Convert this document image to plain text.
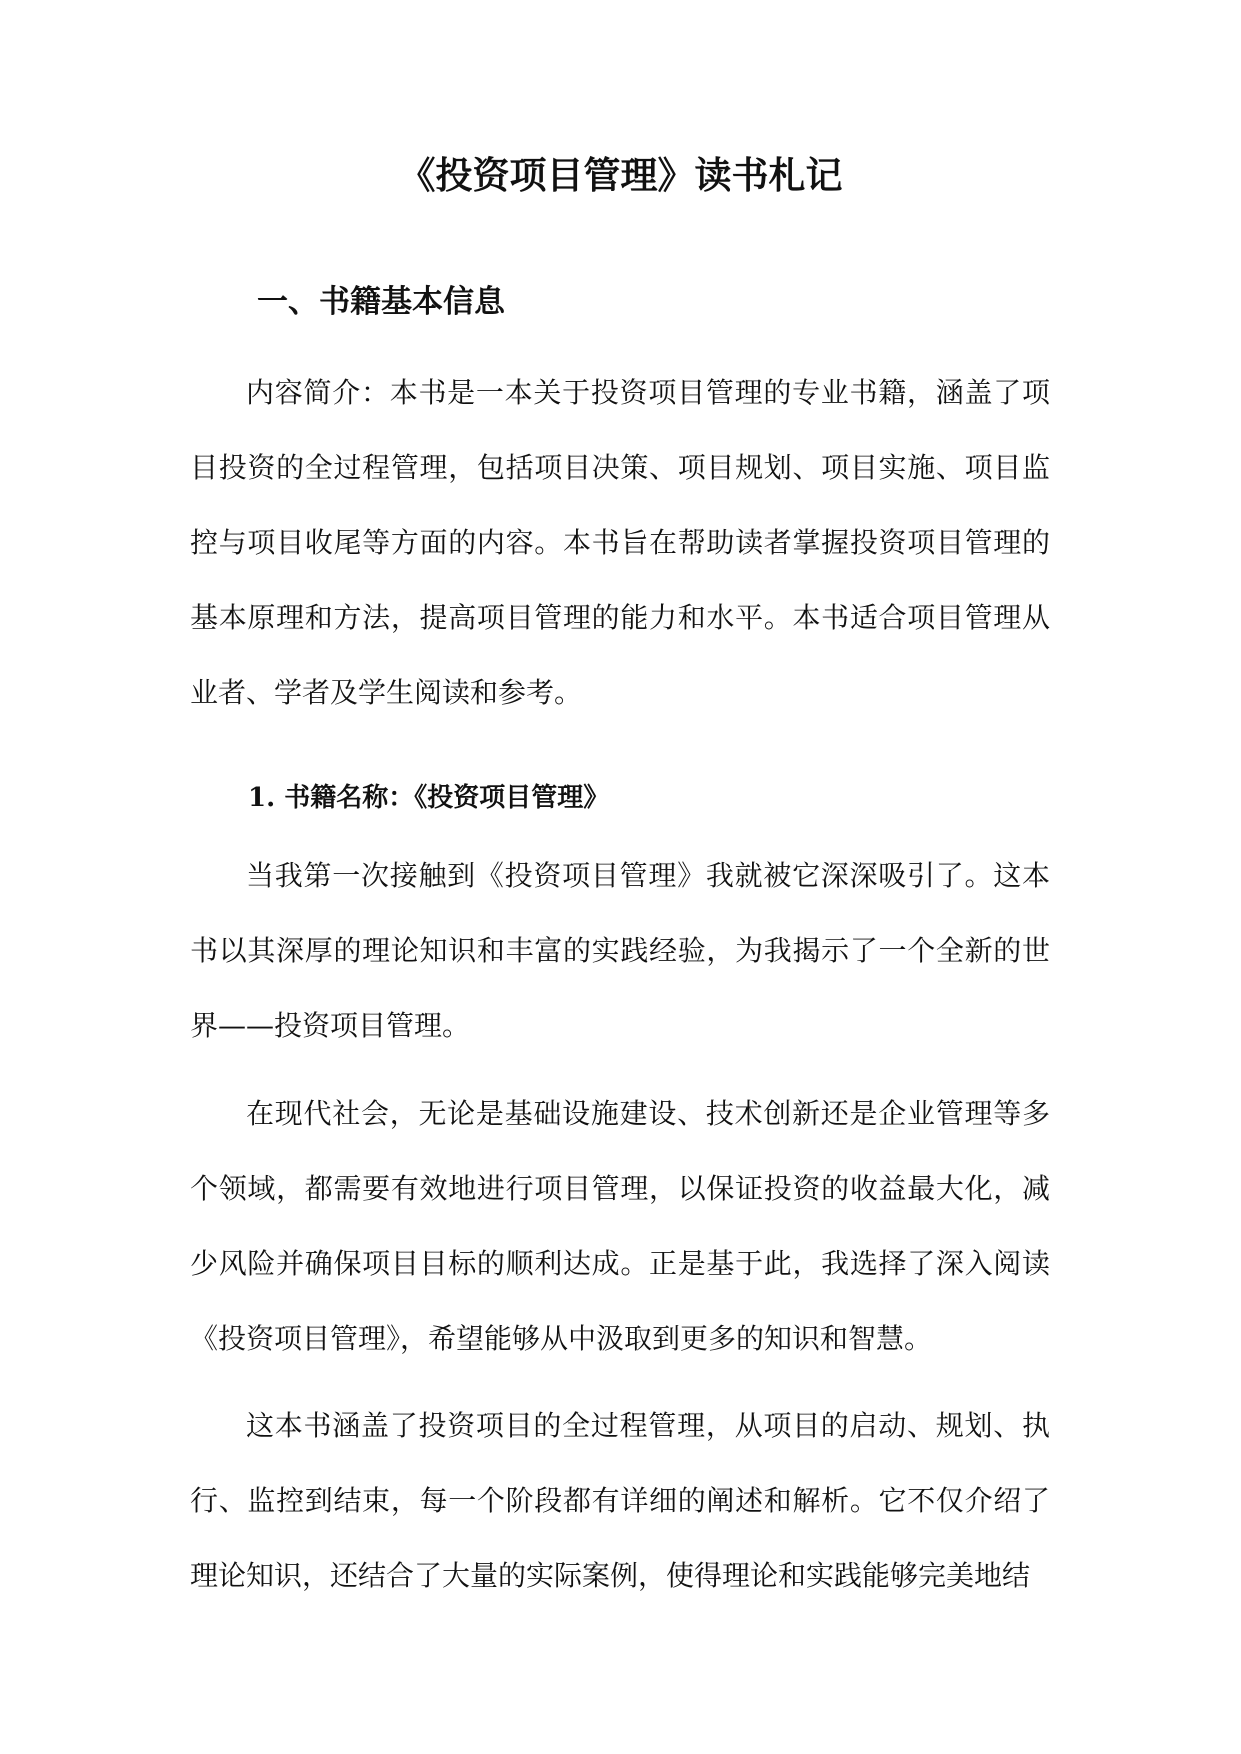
《投资项目管理》读书札记
一、书籍基本信息

内容简介：本书是一本关于投资项目管理的专业书籍，涵盖了项目投资的全过程管理，包括项目决策、项目规划、项目实施、项目监控与项目收尾等方面的内容。本书旨在帮助读者掌握投资项目管理的基本原理和方法，提高项目管理的能力和水平。本书适合项目管理从业者、学者及学生阅读和参考。

1. 书籍名称：《投资项目管理》

当我第一次接触到《投资项目管理》我就被它深深吸引了。这本书以其深厚的理论知识和丰富的实践经验，为我揭示了一个全新的世界——投资项目管理。

在现代社会，无论是基础设施建设、技术创新还是企业管理等多个领域，都需要有效地进行项目管理，以保证投资的收益最大化，减少风险并确保项目目标的顺利达成。正是基于此，我选择了深入阅读《投资项目管理》，希望能够从中汲取到更多的知识和智慧。

这本书涵盖了投资项目的全过程管理，从项目的启动、规划、执行、监控到结束，每一个阶段都有详细的阐述和解析。它不仅介绍了理论知识，还结合了大量的实际案例，使得理论和实践能够完美地结
